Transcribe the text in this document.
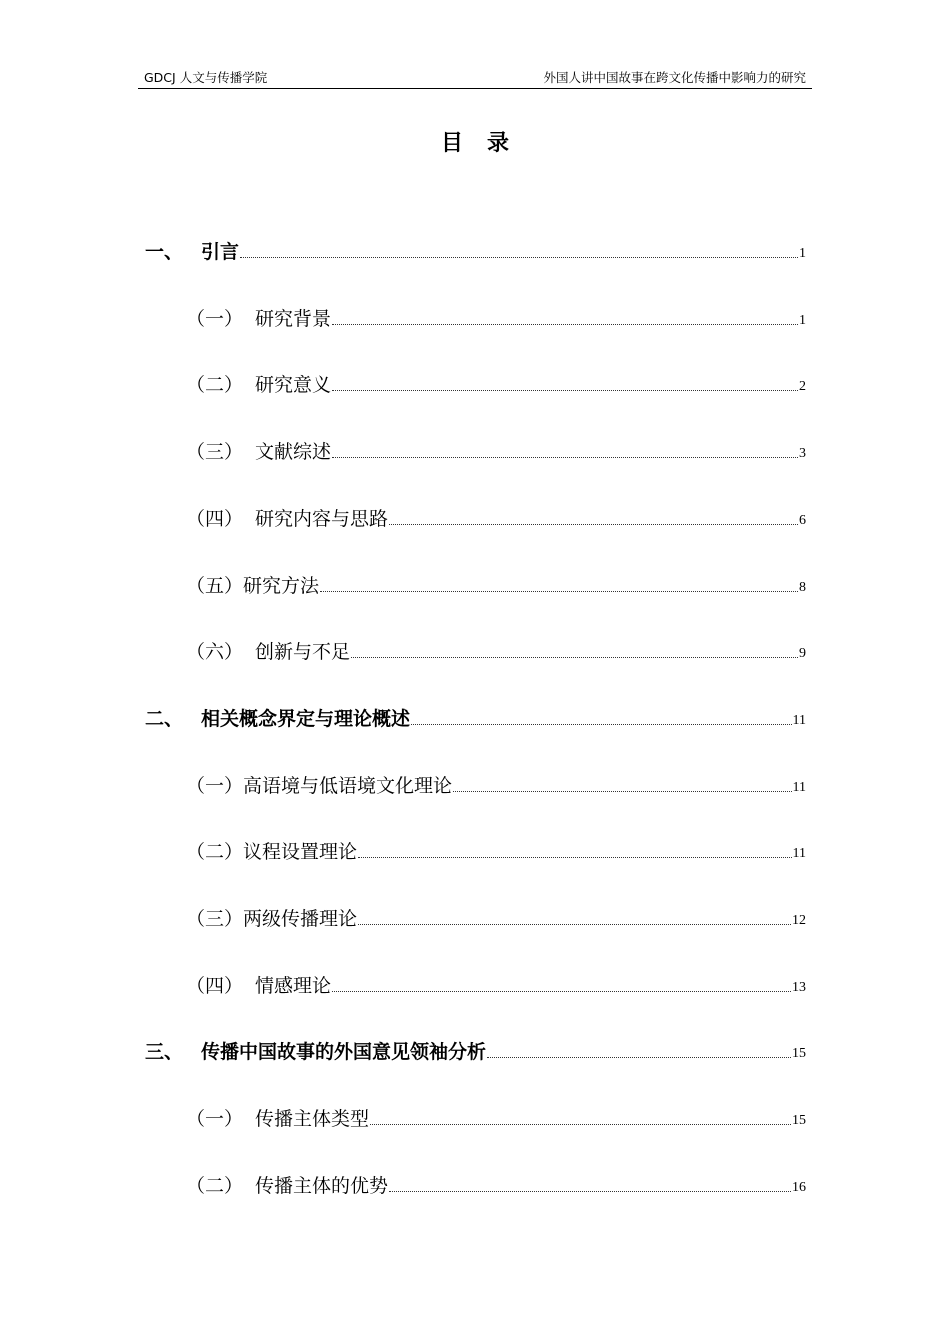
GDCJ 人文与传播学院	外国人讲中国故事在跨文化传播中影响力的研究
目录
一、 引言	1
（一） 研究背景	1
（二） 研究意义	2
（三） 文献综述	3
（四） 研究内容与思路	6
（五） 研究方法	8
（六） 创新与不足	9
二、 相关概念界定与理论概述	11
（一） 高语境与低语境文化理论	11
（二） 议程设置理论	11
（三） 两级传播理论	12
（四） 情感理论	13
三、 传播中国故事的外国意见领袖分析	15
（一） 传播主体类型	15
（二） 传播主体的优势	16
